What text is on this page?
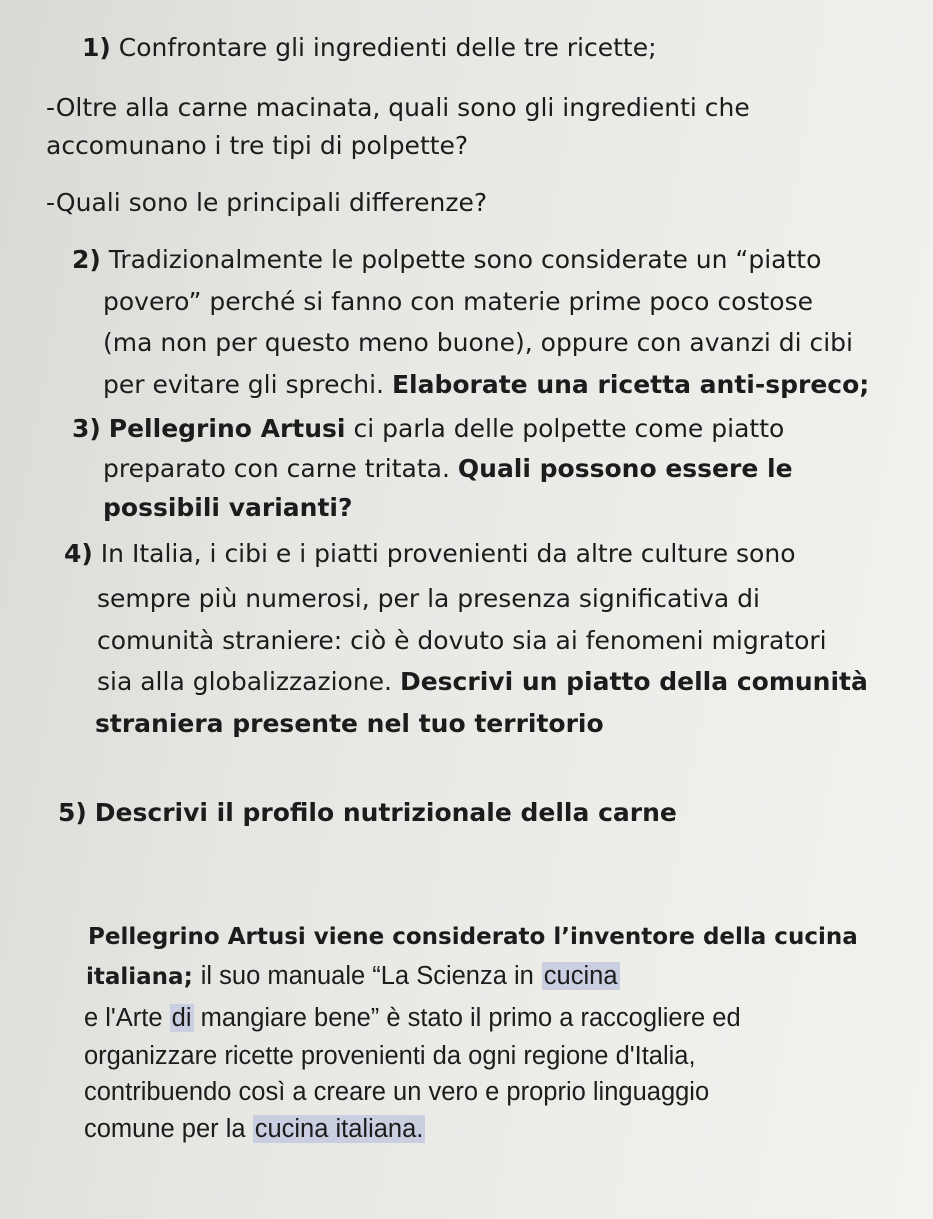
1) Confrontare gli ingredienti delle tre ricette;
-Oltre alla carne macinata, quali sono gli ingredienti che
accomunano i tre tipi di polpette?
-Quali sono le principali differenze?
2) Tradizionalmente le polpette sono considerate un “piatto
povero” perché si fanno con materie prime poco costose
(ma non per questo meno buone), oppure con avanzi di cibi
per evitare gli sprechi. Elaborate una ricetta anti-spreco;
3) Pellegrino Artusi ci parla delle polpette come piatto
preparato con carne tritata. Quali possono essere le
possibili varianti?
4) In Italia, i cibi e i piatti provenienti da altre culture sono
sempre più numerosi, per la presenza significativa di
comunità straniere: ciò è dovuto sia ai fenomeni migratori
sia alla globalizzazione. Descrivi un piatto della comunità
straniera presente nel tuo territorio
5) Descrivi il profilo nutrizionale della carne
Pellegrino Artusi viene considerato l’inventore della cucina
italiana; il suo manuale “La Scienza in cucina
e l'Arte di mangiare bene” è stato il primo a raccogliere ed
organizzare ricette provenienti da ogni regione d'Italia,
contribuendo così a creare un vero e proprio linguaggio
comune per la cucina italiana.
